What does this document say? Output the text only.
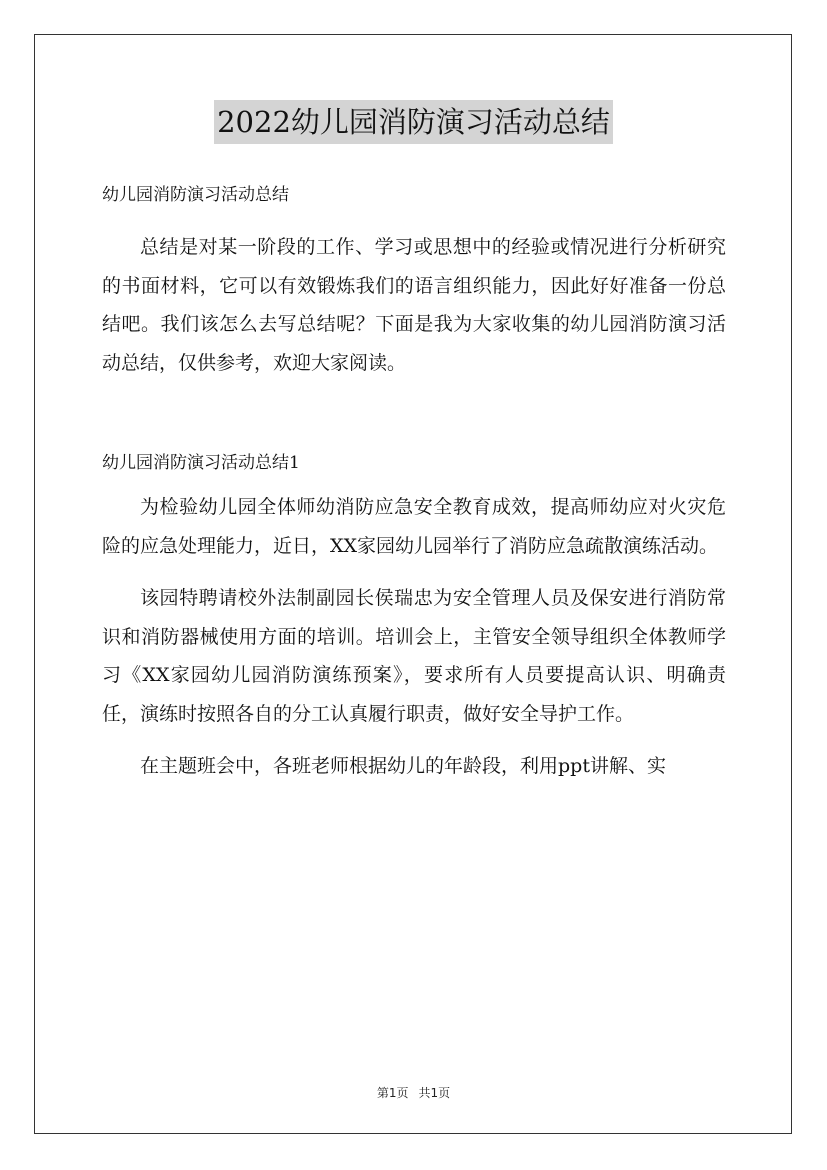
2022幼儿园消防演习活动总结

幼儿园消防演习活动总结

总结是对某一阶段的工作、学习或思想中的经验或情况进行分析研究的书面材料，它可以有效锻炼我们的语言组织能力，因此好好准备一份总结吧。我们该怎么去写总结呢？下面是我为大家收集的幼儿园消防演习活动总结，仅供参考，欢迎大家阅读。

幼儿园消防演习活动总结1

为检验幼儿园全体师幼消防应急安全教育成效，提高师幼应对火灾危险的应急处理能力，近日，XX家园幼儿园举行了消防应急疏散演练活动。

该园特聘请校外法制副园长侯瑞忠为安全管理人员及保安进行消防常识和消防器械使用方面的培训。培训会上，主管安全领导组织全体教师学习《XX家园幼儿园消防演练预案》，要求所有人员要提高认识、明确责任，演练时按照各自的分工认真履行职责，做好安全导护工作。

在主题班会中，各班老师根据幼儿的年龄段，利用ppt讲解、实

第1页 共1页
